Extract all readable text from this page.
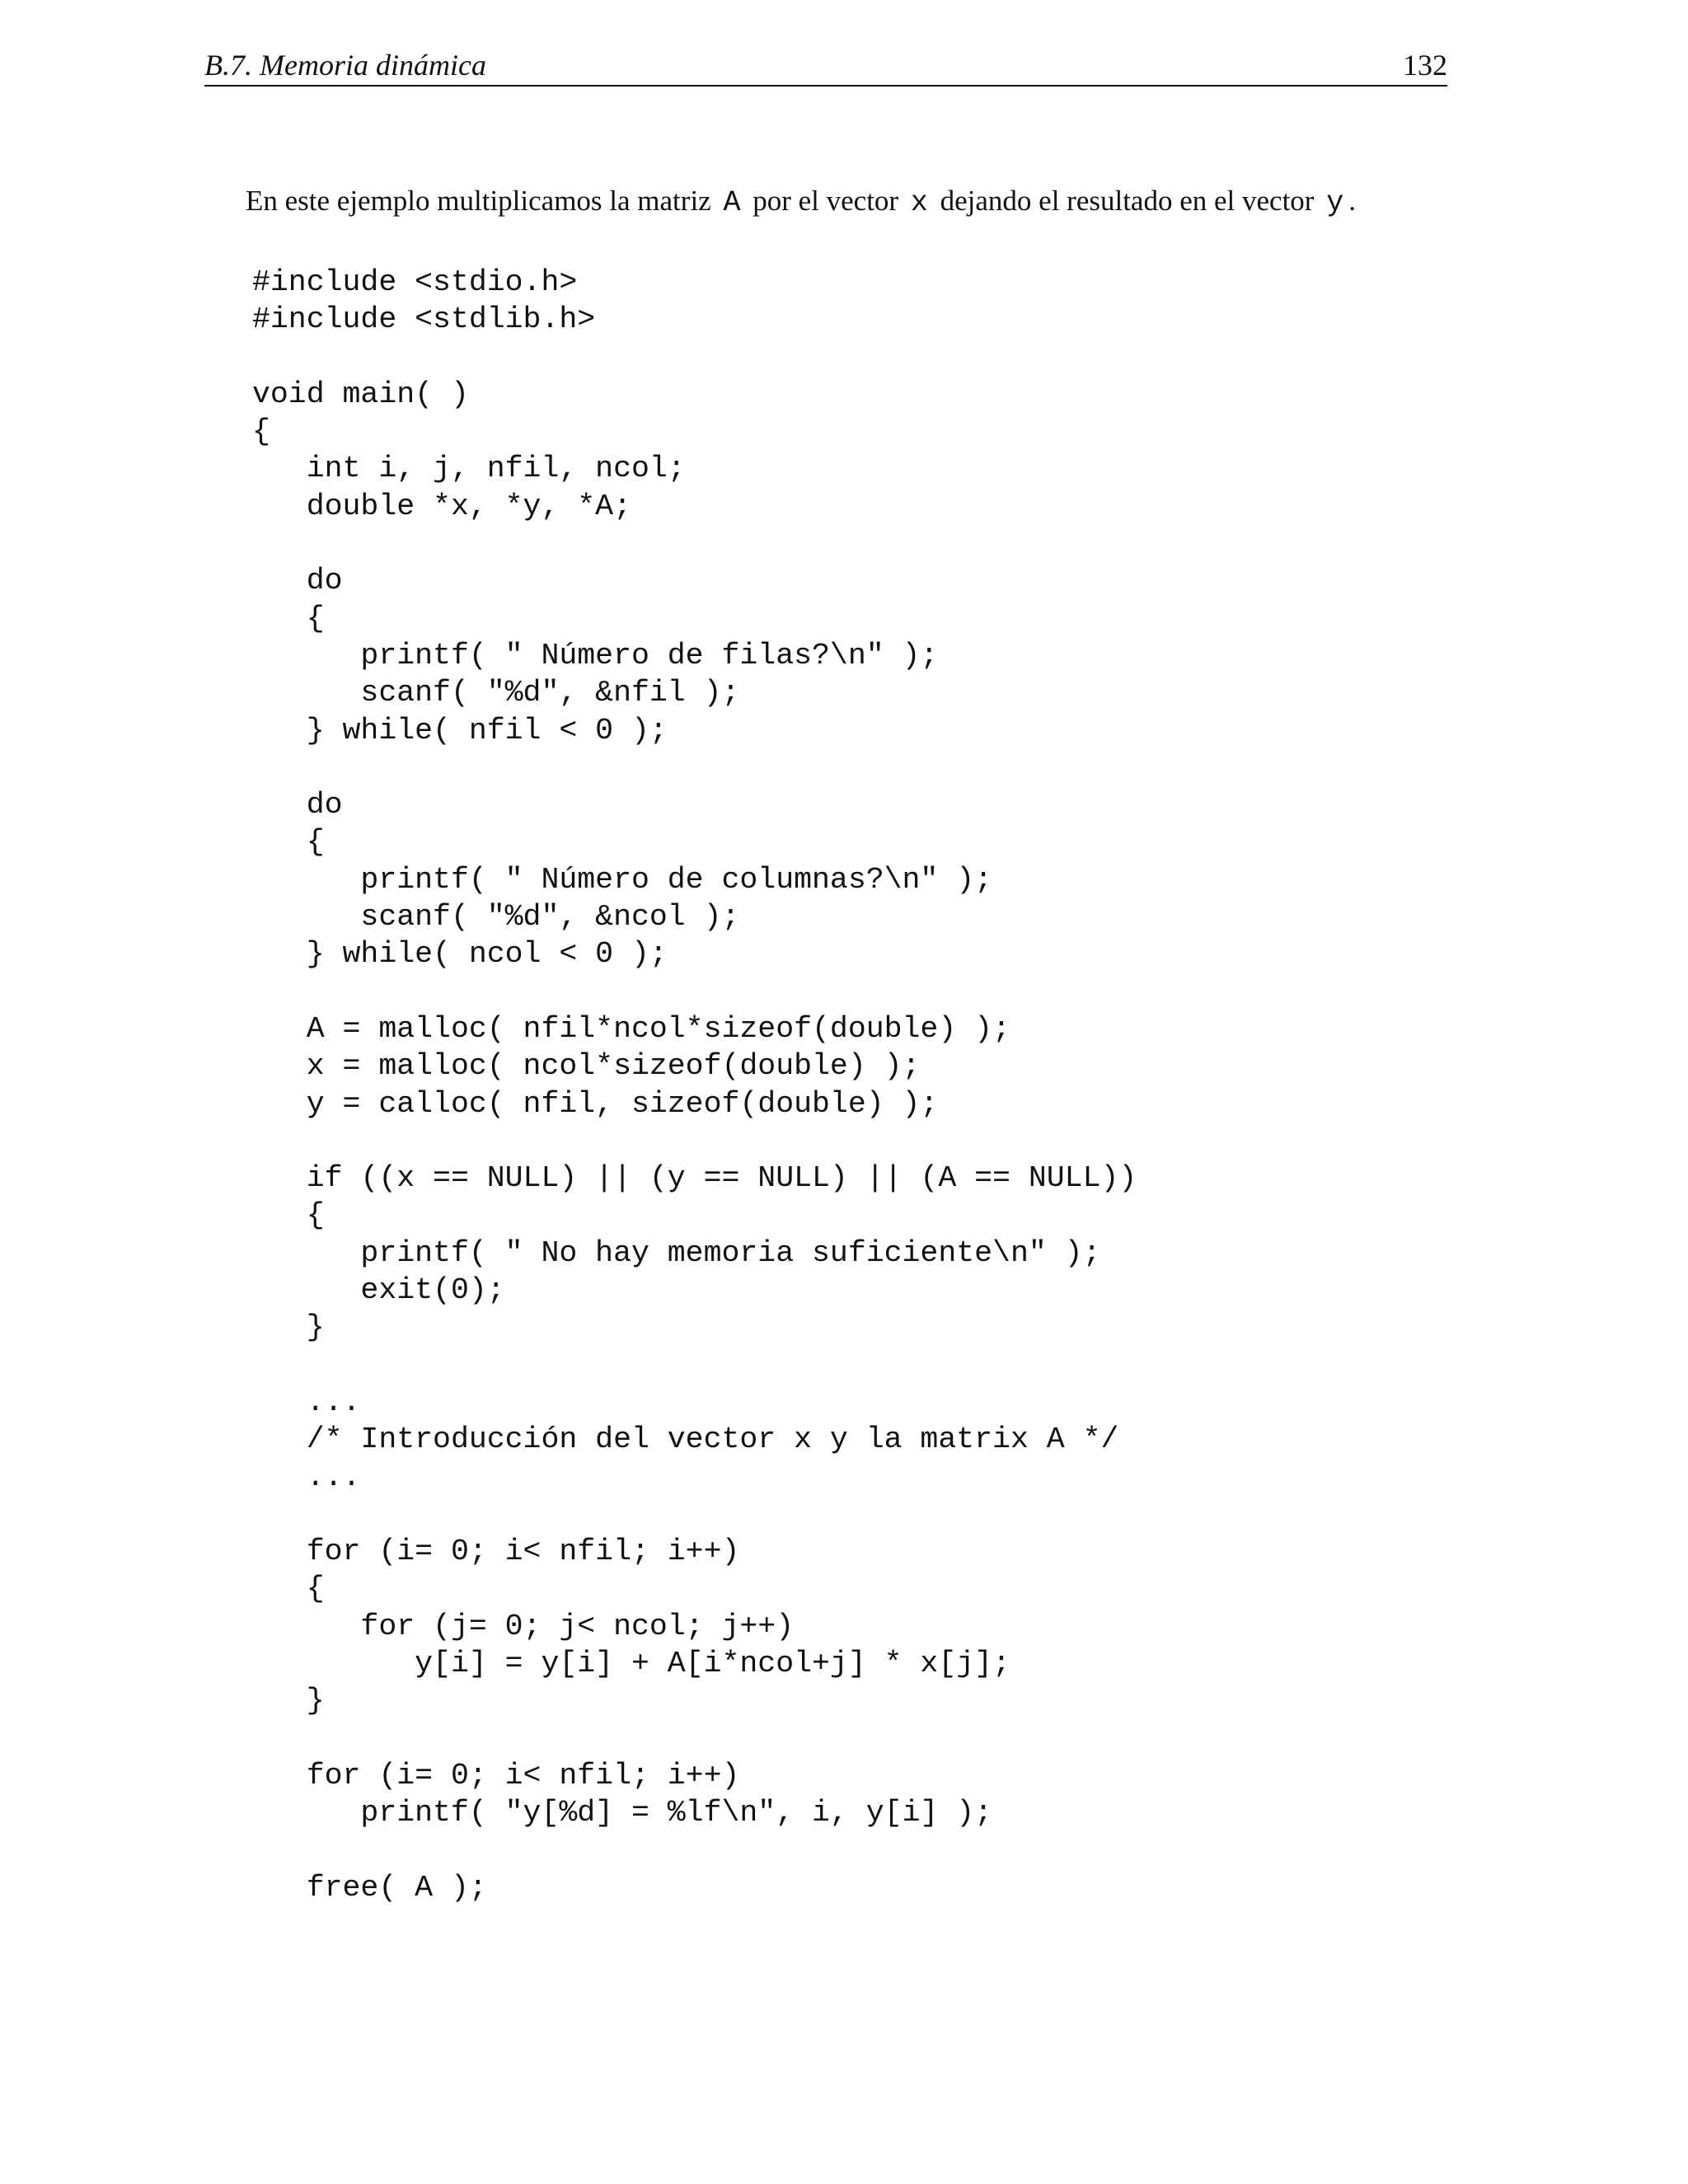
B.7. Memoria dinámica	132

En este ejemplo multiplicamos la matriz A por el vector x dejando el resultado en el vector y .

#include <stdio.h>
#include <stdlib.h>
void main( )
{
int i, j, nfil, ncol;
double *x, *y, *A;
do
{
printf( " Número de filas?\n" );
scanf( "%d", &nfil );
} while( nfil < 0 );
do
{
printf( " Número de columnas?\n" );
scanf( "%d", &ncol );
} while( ncol < 0 );
A = malloc( nfil*ncol*sizeof(double) );
x = malloc( ncol*sizeof(double) );
y = calloc( nfil, sizeof(double) );
if ((x == NULL) || (y == NULL) || (A == NULL))
{
printf( " No hay memoria suficiente\n" );
exit(0);
}
...
/* Introducción del vector x y la matrix A */
...
for (i= 0; i< nfil; i++)
{
for (j= 0; j< ncol; j++)
y[i] = y[i] + A[i*ncol+j] * x[j];
}
for (i= 0; i< nfil; i++)
printf( "y[%d] = %lf\n", i, y[i] );
free( A );
